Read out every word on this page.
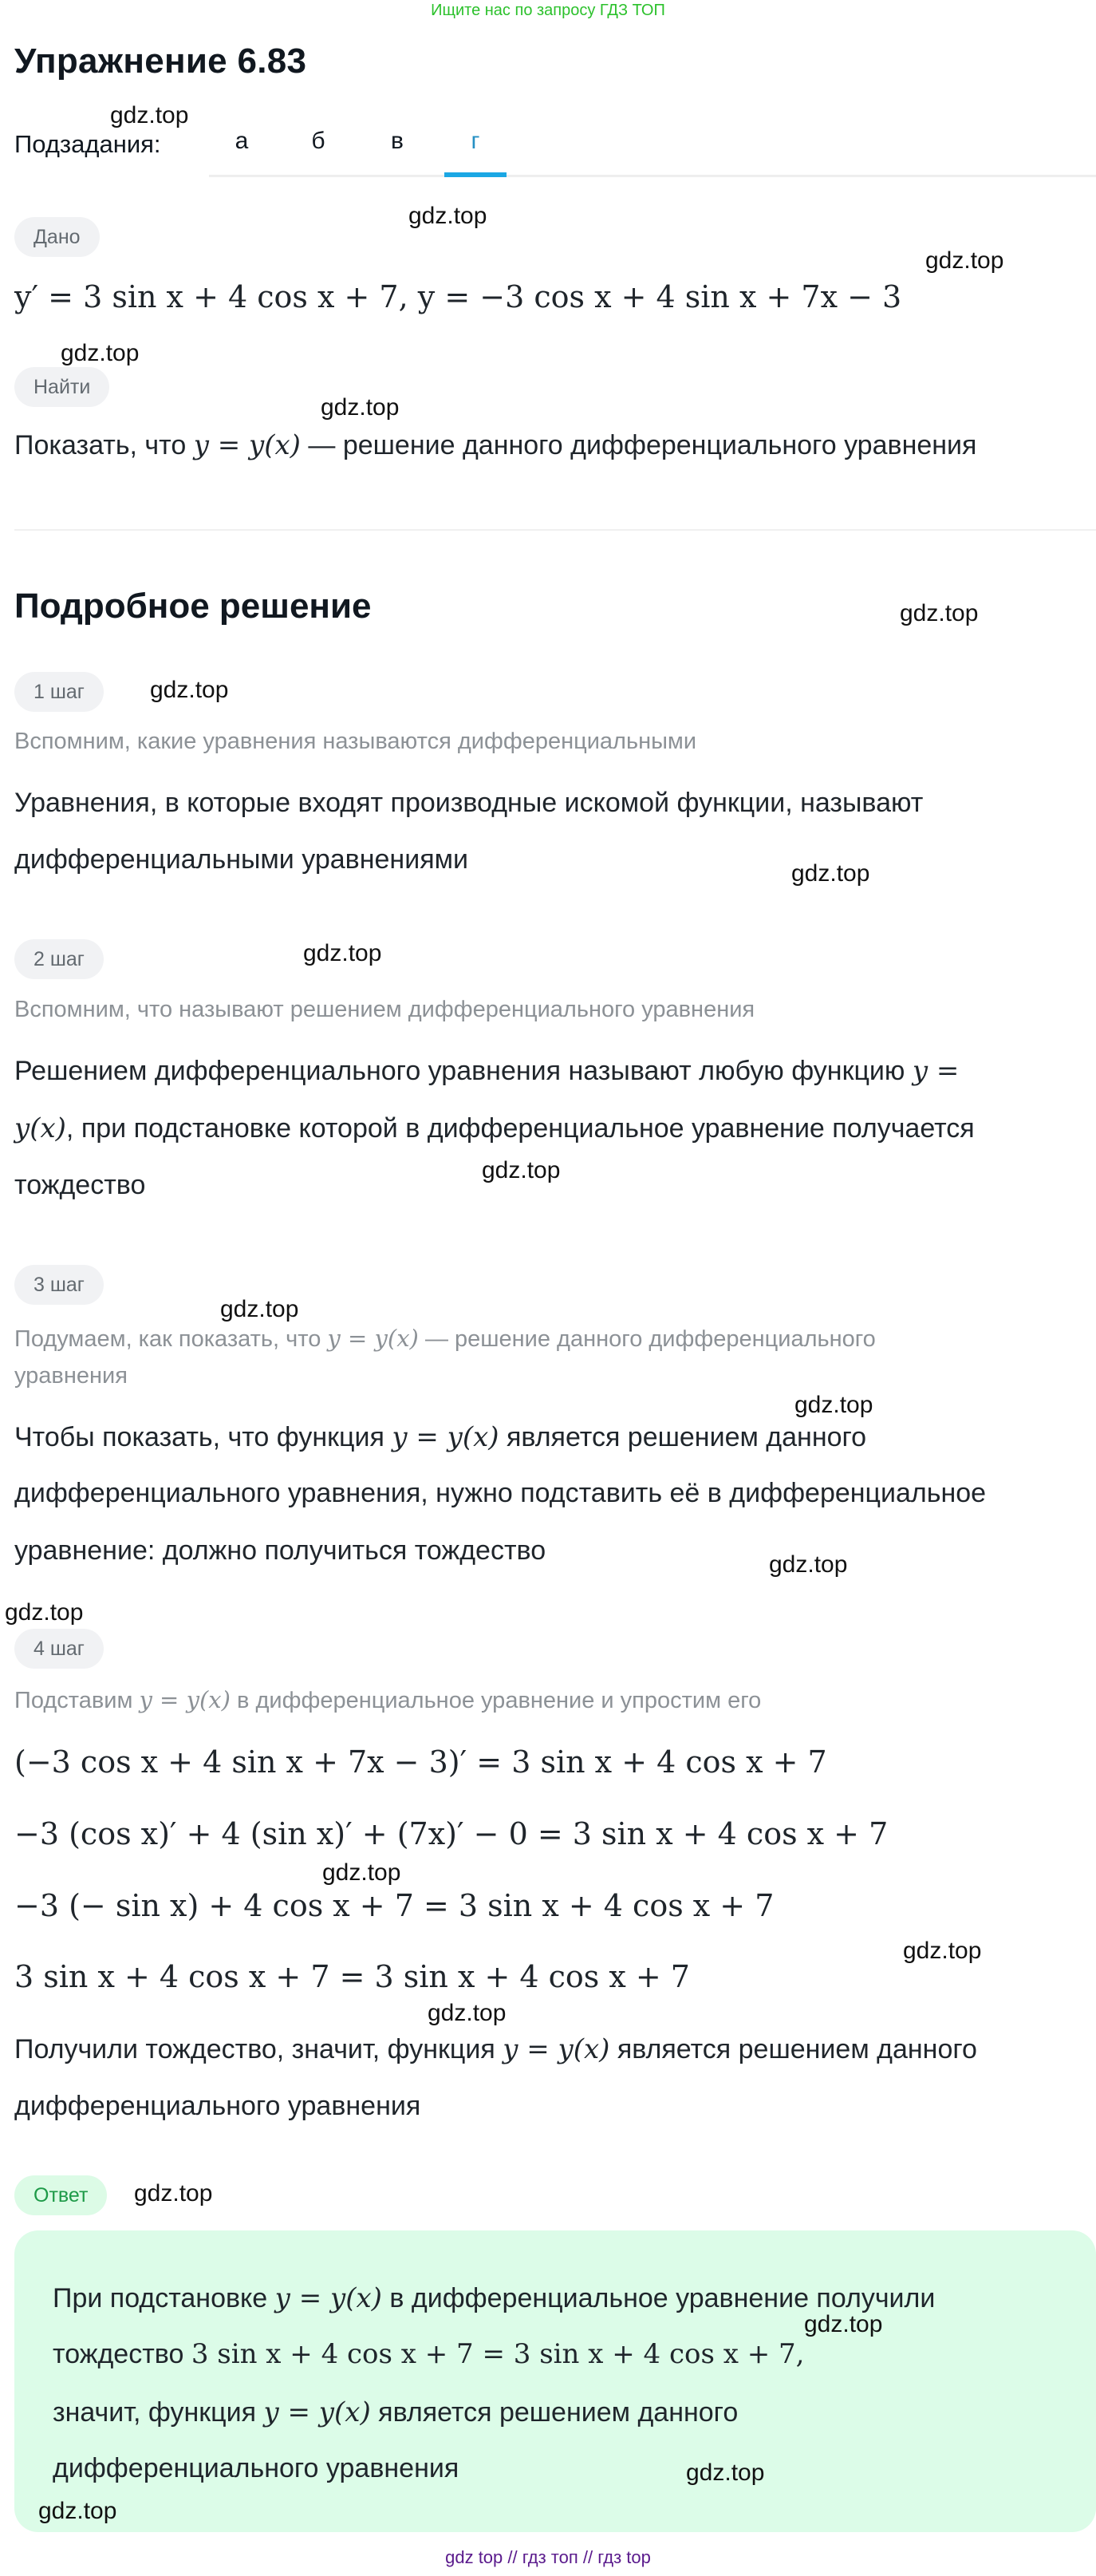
Ищите нас по запросу ГДЗ ТОП
Упражнение 6.83
gdz.top
Подзадания:	а	б	в	г
gdz.top
Дано
gdz.top
y′ = 3 sin x + 4 cos x + 7, y = −3 cos x + 4 sin x + 7x − 3
gdz.top
Найти
gdz.top
Показать, что y = y(x) — решение данного дифференциального уравнения
Подробное решение	gdz.top
1 шаг	gdz.top
Вспомним, какие уравнения называются дифференциальными
Уравнения, в которые входят производные искомой функции, называют
дифференциальными уравнениями	gdz.top
2 шаг	gdz.top
Вспомним, что называют решением дифференциального уравнения
Решением дифференциального уравнения называют любую функцию y =
y(x), при подстановке которой в дифференциальное уравнение получается
gdz.top
тождество
3 шаг
gdz.top
Подумаем, как показать, что y = y(x) — решение данного дифференциального
уравнения
gdz.top
Чтобы показать, что функция y = y(x) является решением данного
дифференциального уравнения, нужно подставить её в дифференциальное
уравнение: должно получиться тождество	gdz.top
gdz.top
4 шаг
Подставим y = y(x) в дифференциальное уравнение и упростим его
(−3 cos x + 4 sin x + 7x − 3)′ = 3 sin x + 4 cos x + 7
−3 (cos x)′ + 4 (sin x)′ + (7x)′ − 0 = 3 sin x + 4 cos x + 7
gdz.top
−3 (− sin x) + 4 cos x + 7 = 3 sin x + 4 cos x + 7
gdz.top
3 sin x + 4 cos x + 7 = 3 sin x + 4 cos x + 7
gdz.top
Получили тождество, значит, функция y = y(x) является решением данного
дифференциального уравнения
Ответ	gdz.top
При подстановке y = y(x) в дифференциальное уравнение получили
gdz.top
тождество 3 sin x + 4 cos x + 7 = 3 sin x + 4 cos x + 7,
значит, функция y = y(x) является решением данного
дифференциального уравнения	gdz.top
gdz.top
gdz top // гдз топ // гдз top
